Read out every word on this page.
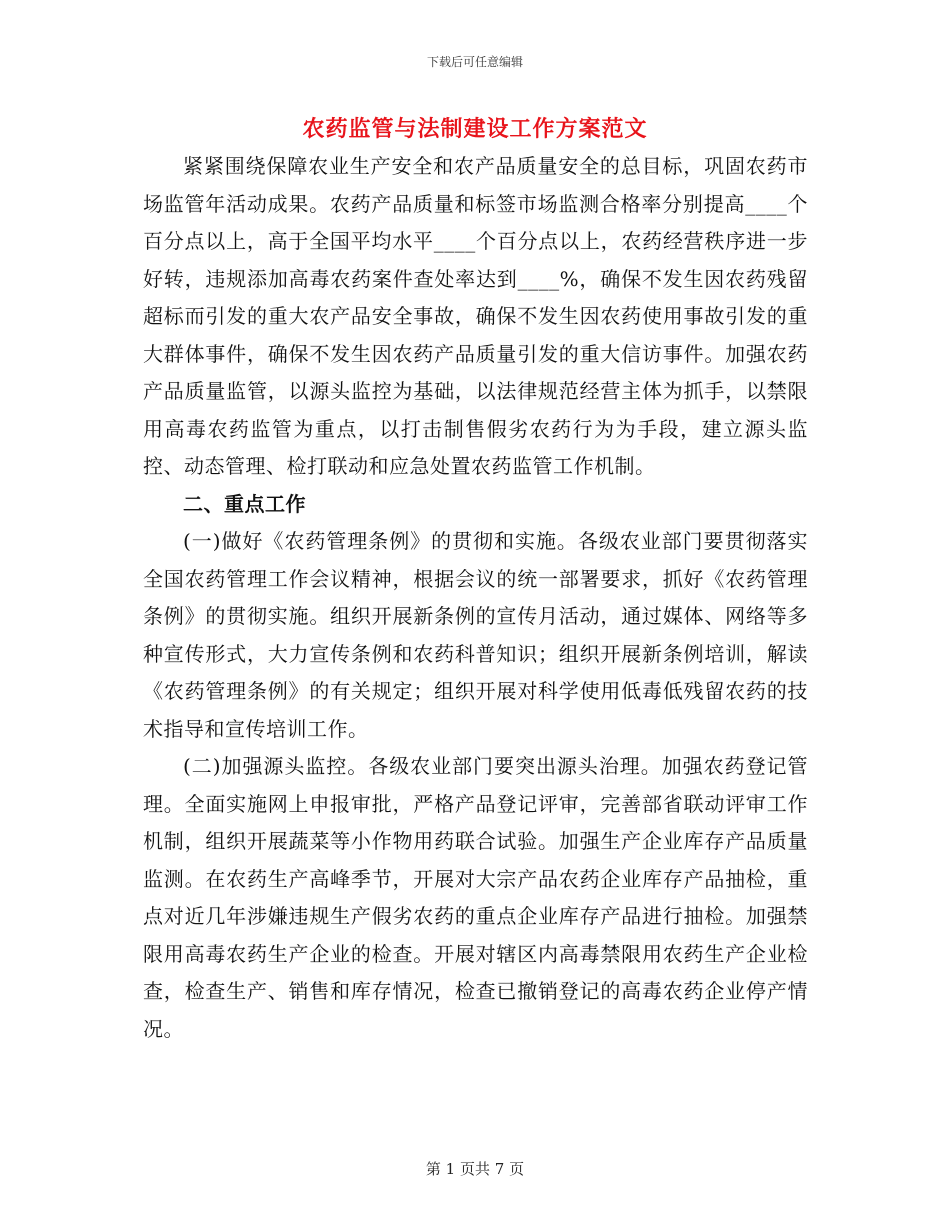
下载后可任意编辑
农药监管与法制建设工作方案范文

紧紧围绕保障农业生产安全和农产品质量安全的总目标，巩固农药市场监管年活动成果。农药产品质量和标签市场监测合格率分别提高____个百分点以上，高于全国平均水平____个百分点以上，农药经营秩序进一步好转，违规添加高毒农药案件查处率达到____%，确保不发生因农药残留超标而引发的重大农产品安全事故，确保不发生因农药使用事故引发的重大群体事件，确保不发生因农药产品质量引发的重大信访事件。加强农药产品质量监管，以源头监控为基础，以法律规范经营主体为抓手，以禁限用高毒农药监管为重点，以打击制售假劣农药行为为手段，建立源头监控、动态管理、检打联动和应急处置农药监管工作机制。

二、重点工作

(一)做好《农药管理条例》的贯彻和实施。各级农业部门要贯彻落实全国农药管理工作会议精神，根据会议的统一部署要求，抓好《农药管理条例》的贯彻实施。组织开展新条例的宣传月活动，通过媒体、网络等多种宣传形式，大力宣传条例和农药科普知识；组织开展新条例培训，解读《农药管理条例》的有关规定；组织开展对科学使用低毒低残留农药的技术指导和宣传培训工作。

(二)加强源头监控。各级农业部门要突出源头治理。加强农药登记管理。全面实施网上申报审批，严格产品登记评审，完善部省联动评审工作机制，组织开展蔬菜等小作物用药联合试验。加强生产企业库存产品质量监测。在农药生产高峰季节，开展对大宗产品农药企业库存产品抽检，重点对近几年涉嫌违规生产假劣农药的重点企业库存产品进行抽检。加强禁限用高毒农药生产企业的检查。开展对辖区内高毒禁限用农药生产企业检查，检查生产、销售和库存情况，检查已撤销登记的高毒农药企业停产情况。

第 1 页共 7 页
